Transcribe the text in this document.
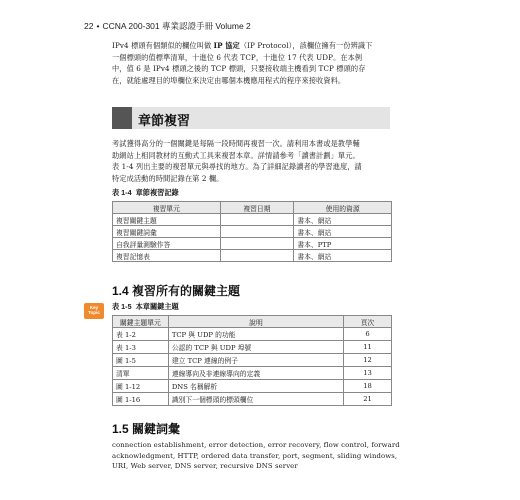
22 • CCNA 200-301 專業認證手冊 Volume 2
IPv4 標頭有個類似的欄位叫做 IP 協定（IP Protocol），該欄位擁有一份辨識下
一個標頭的值標準清單，十進位 6 代表 TCP，十進位 17 代表 UDP。在本例
中，值 6 是 IPv4 標頭之後的 TCP 標頭，只要接收端主機看到 TCP 標頭的存
在，就能處理目的埠欄位來決定由哪個本機應用程式的程序來接收資料。
章節複習
考試獲得高分的一個關鍵是每隔一段時間再複習一次。請利用本書或是教學輔
助網站上相同教材的互動式工具來複習本章。詳情請參考「讀書計劃」單元。
表 1-4 列出主要的複習單元與尋找的地方。為了詳細記錄讀者的學習進度，請
特定成活動的時間記錄在第 2 欄。
表 1-4 章節複習記錄
複習單元	複習日期	使用的資源
複習關鍵主題		書本、網站
複習關鍵詞彙		書本、網站
自我評量測驗作答		書本、PTP
複習記憶表		書本、網站
1.4 複習所有的關鍵主題
Key
Topic
表 1-5 本章關鍵主題
關鍵主題單元	說明	頁次
表 1-2	TCP 與 UDP 的功能	6
表 1-3	公認的 TCP 與 UDP 埠號	11
圖 1-5	建立 TCP 連線的例子	12
清單	連線導向及非連線導向的定義	13
圖 1-12	DNS 名稱解析	18
圖 1-16	識別下一個標頭的標頭欄位	21
1.5 關鍵詞彙
connection establishment, error detection, error recovery, flow control, forward
acknowledgment, HTTP, ordered data transfer, port, segment, sliding windows,
URI, Web server, DNS server, recursive DNS server
